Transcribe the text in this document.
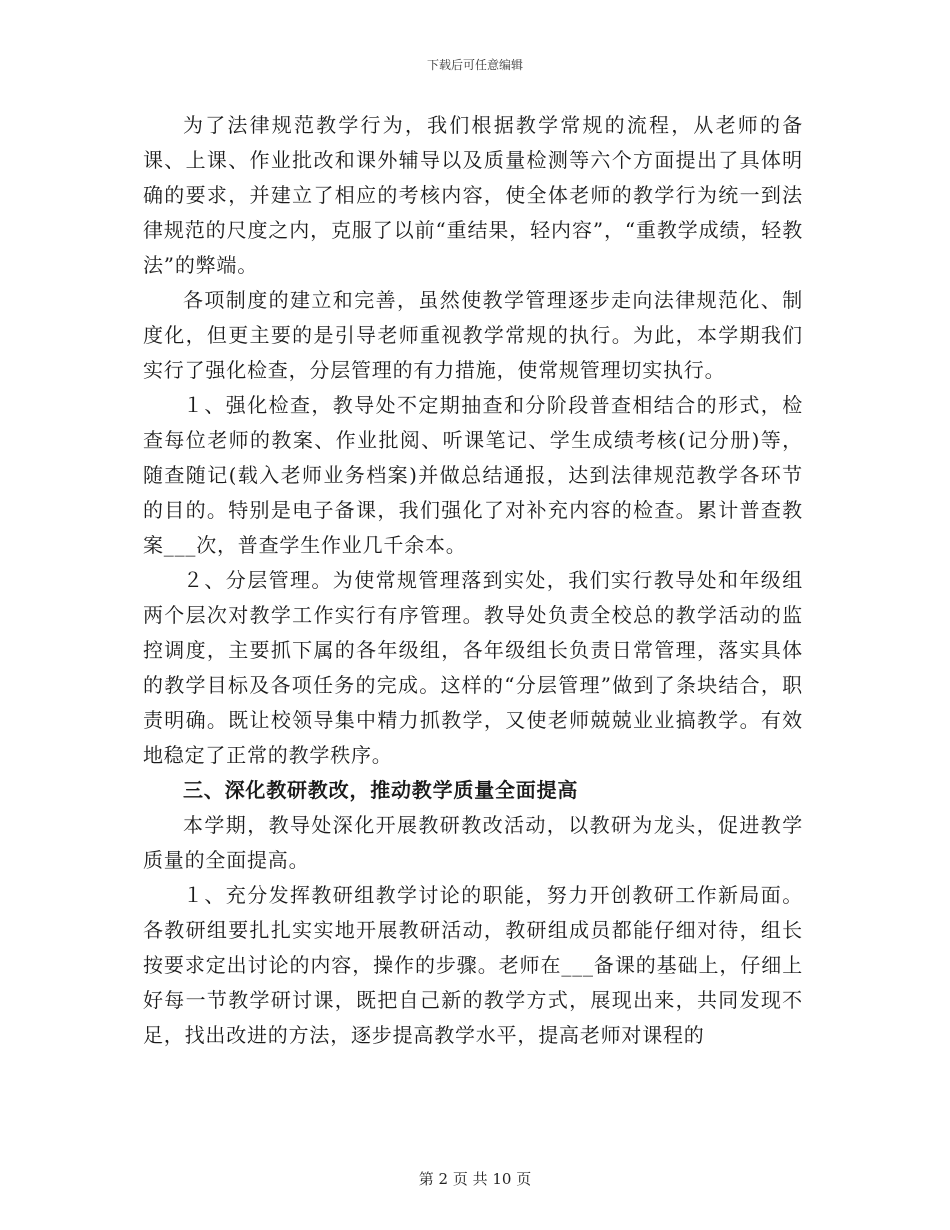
下载后可任意编辑

为了法律规范教学行为，我们根据教学常规的流程，从老师的备课、上课、作业批改和课外辅导以及质量检测等六个方面提出了具体明确的要求，并建立了相应的考核内容，使全体老师的教学行为统一到法律规范的尺度之内，克服了以前“重结果，轻内容”，“重教学成绩，轻教法”的弊端。

各项制度的建立和完善，虽然使教学管理逐步走向法律规范化、制度化，但更主要的是引导老师重视教学常规的执行。为此，本学期我们实行了强化检查，分层管理的有力措施，使常规管理切实执行。

１、强化检查，教导处不定期抽查和分阶段普查相结合的形式，检查每位老师的教案、作业批阅、听课笔记、学生成绩考核(记分册)等，随查随记(载入老师业务档案)并做总结通报，达到法律规范教学各环节的目的。特别是电子备课，我们强化了对补充内容的检查。累计普查教案___次，普查学生作业几千余本。

２、分层管理。为使常规管理落到实处，我们实行教导处和年级组两个层次对教学工作实行有序管理。教导处负责全校总的教学活动的监控调度，主要抓下属的各年级组，各年级组长负责日常管理，落实具体的教学目标及各项任务的完成。这样的“分层管理”做到了条块结合，职责明确。既让校领导集中精力抓教学，又使老师兢兢业业搞教学。有效地稳定了正常的教学秩序。

三、深化教研教改，推动教学质量全面提高

本学期，教导处深化开展教研教改活动，以教研为龙头，促进教学质量的全面提高。

１、充分发挥教研组教学讨论的职能，努力开创教研工作新局面。各教研组要扎扎实实地开展教研活动，教研组成员都能仔细对待，组长按要求定出讨论的内容，操作的步骤。老师在___备课的基础上，仔细上好每一节教学研讨课，既把自己新的教学方式，展现出来，共同发现不足，找出改进的方法，逐步提高教学水平，提高老师对课程的

第 2 页 共 10 页
